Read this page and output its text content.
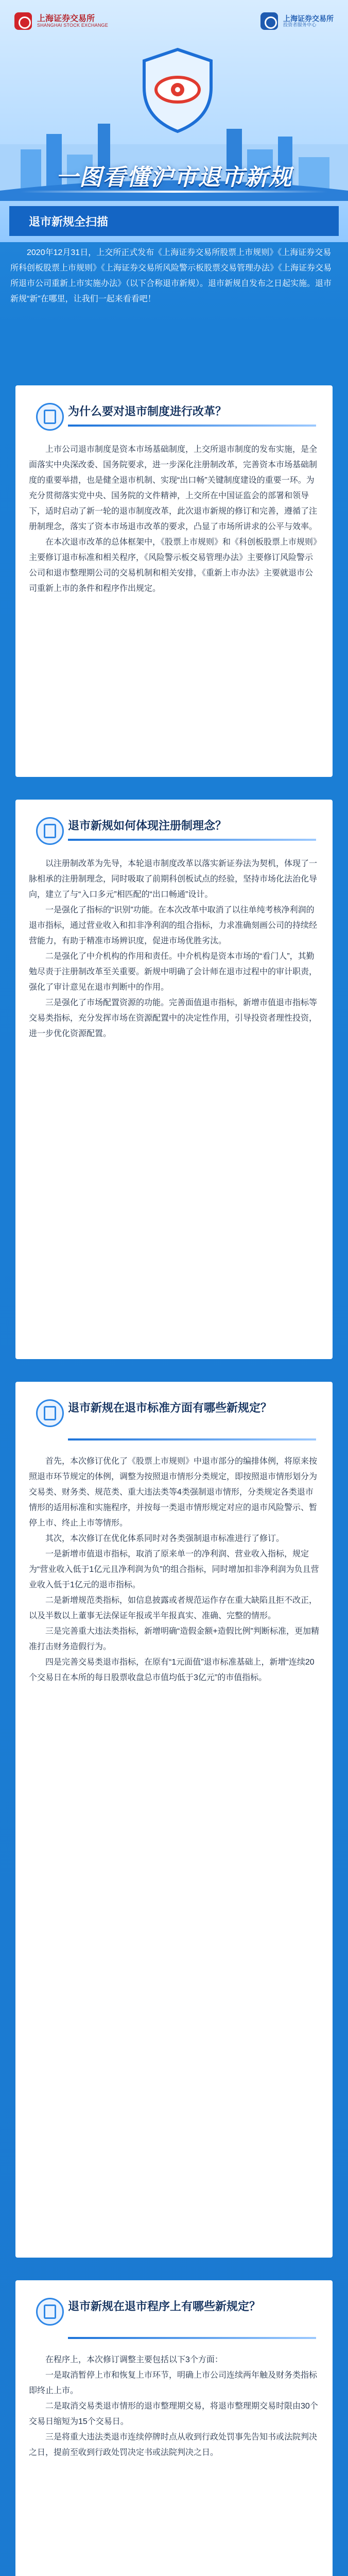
上海证券交易所
SHANGHAI STOCK EXCHANGE
上海证券交易所
投资者服务中心
一图看懂沪市退市新规
退市新规全扫描

2020年12月31日，上交所正式发布《上海证券交易所股票上市规则》《上海证券交易所科创板股票上市规则》《上海证券交易所风险警示板股票交易管理办法》《上海证券交易所退市公司重新上市实施办法》（以下合称退市新规）。退市新规自发布之日起实施。退市新规“新”在哪里，让我们一起来看看吧！

为什么要对退市制度进行改革？

上市公司退市制度是资本市场基础制度，上交所退市制度的发布实施，是全面落实中央深改委、国务院要求，进一步深化注册制改革，完善资本市场基础制度的重要举措，也是健全退市机制、实现“出口畅”关键制度建设的重要一环。为充分贯彻落实党中央、国务院的文件精神，上交所在中国证监会的部署和领导下，适时启动了新一轮的退市制度改革，此次退市新规的修订和完善，遵循了注册制理念，落实了资本市场退市改革的要求，凸显了市场所讲求的公平与效率。

在本次退市改革的总体框架中，《股票上市规则》和《科创板股票上市规则》主要修订退市标准和相关程序，《风险警示板交易管理办法》主要修订风险警示公司和退市整理期公司的交易机制和相关安排，《重新上市办法》主要就退市公司重新上市的条件和程序作出规定。

退市新规如何体现注册制理念？

以注册制改革为先导，本轮退市制度改革以落实新证券法为契机，体现了一脉相承的注册制理念，同时吸取了前期科创板试点的经验，坚持市场化法治化导向，建立了与“入口多元”相匹配的“出口畅通”设计。

一是强化了指标的“识别”功能。在本次改革中取消了以往单纯考核净利润的退市指标，通过营业收入和扣非净利润的组合指标，力求准确刻画公司的持续经营能力，有助于精准市场辨识度，促进市场优胜劣汰。

二是强化了中介机构的作用和责任。中介机构是资本市场的“看门人”，其勤勉尽责于注册制改革至关重要。新规中明确了会计师在退市过程中的审计职责，强化了审计意见在退市判断中的作用。

三是强化了市场配置资源的功能。完善面值退市指标，新增市值退市指标等交易类指标，充分发挥市场在资源配置中的决定性作用，引导投资者理性投资，进一步优化资源配置。

退市新规在退市标准方面有哪些新规定？

首先，本次修订优化了《股票上市规则》中退市部分的编排体例，将原来按照退市环节规定的体例，调整为按照退市情形分类规定，即按照退市情形划分为交易类、财务类、规范类、重大违法类等4类强制退市情形，分类规定各类退市情形的适用标准和实施程序，并按每一类退市情形规定对应的退市风险警示、暂停上市、终止上市等情形。

其次，本次修订在优化体系同时对各类强制退市标准进行了修订。

一是新增市值退市指标，取消了原来单一的净利润、营业收入指标，规定为“营业收入低于1亿元且净利润为负”的组合指标，同时增加扣非净利润为负且营业收入低于1亿元的退市指标。

二是新增规范类指标，如信息披露或者规范运作存在重大缺陷且拒不改正，以及半数以上董事无法保证年报或半年报真实、准确、完整的情形。

三是完善重大违法类指标，新增明确“造假金额+造假比例”判断标准，更加精准打击财务造假行为。

四是完善交易类退市指标，在原有“1元面值”退市标准基础上，新增“连续20个交易日在本所的每日股票收盘总市值均低于3亿元”的市值指标。

退市新规在退市程序上有哪些新规定？

在程序上，本次修订调整主要包括以下3个方面：

一是取消暂停上市和恢复上市环节，明确上市公司连续两年触及财务类指标即终止上市。

二是取消交易类退市情形的退市整理期交易，将退市整理期交易时限由30个交易日缩短为15个交易日。

三是将重大违法类退市连续停牌时点从收到行政处罚事先告知书或法院判决之日，提前至收到行政处罚决定书或法院判决之日。
